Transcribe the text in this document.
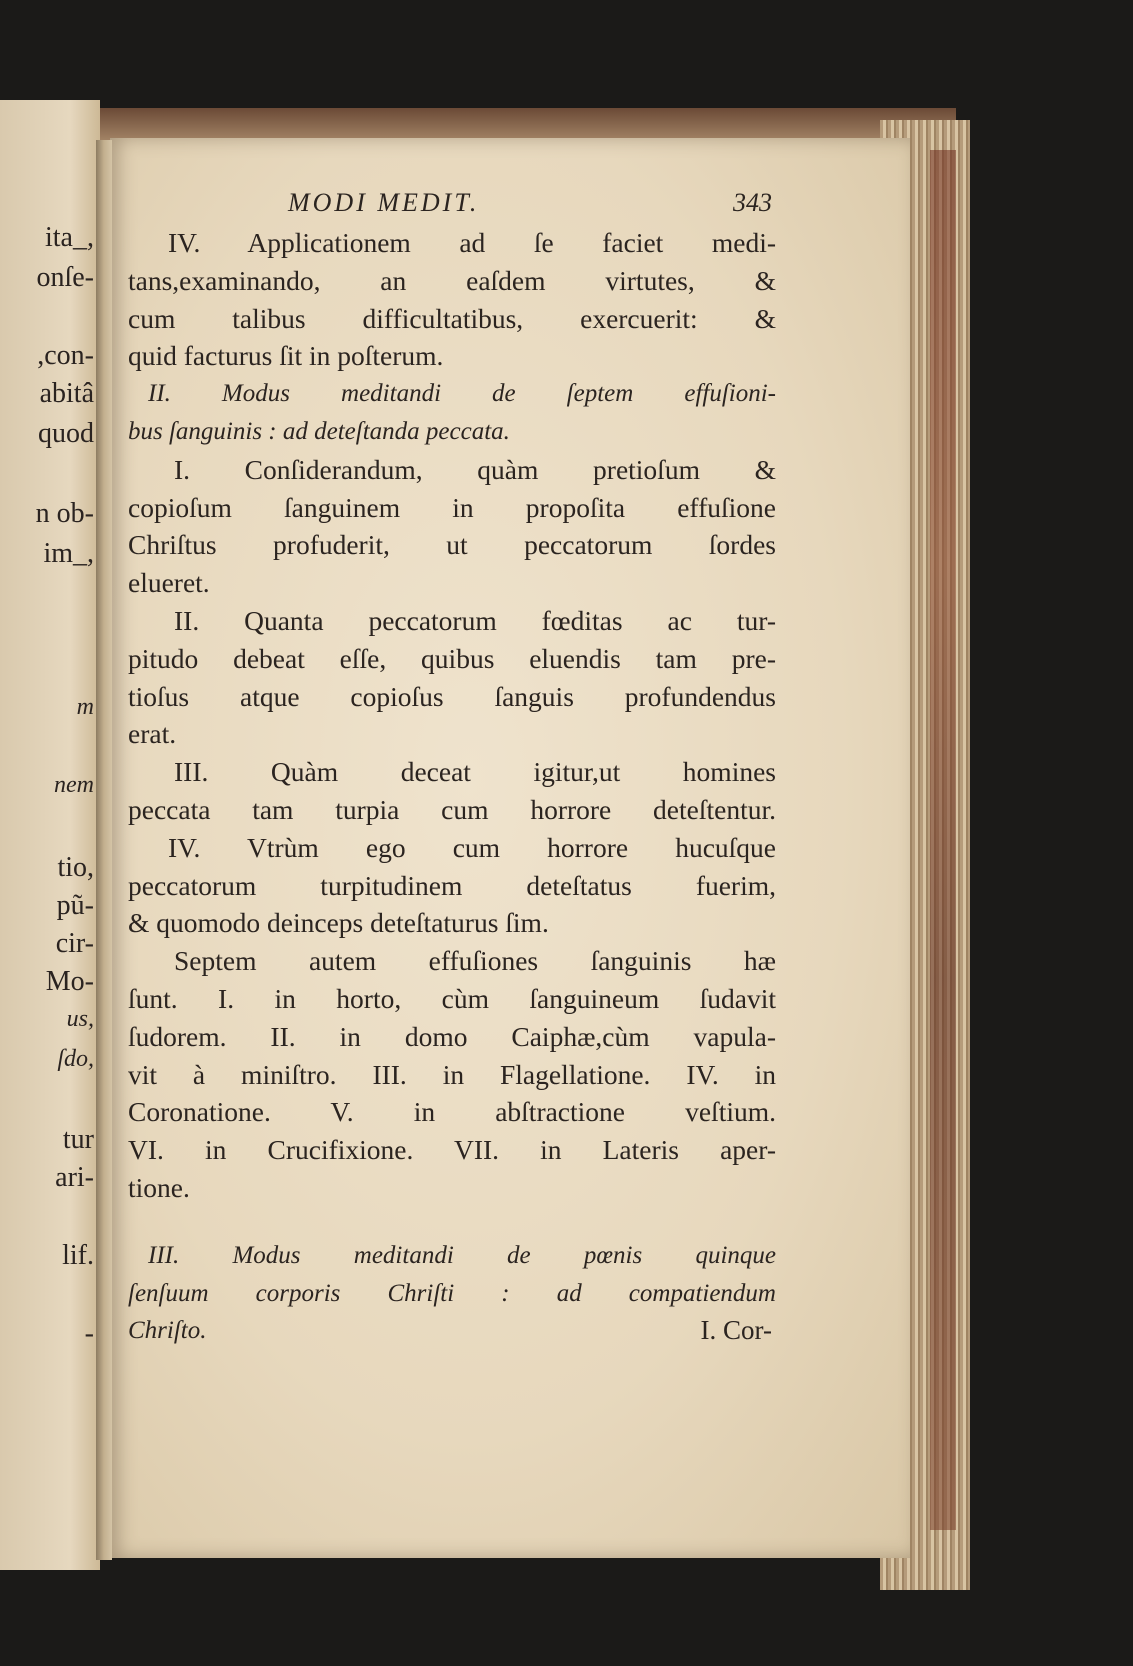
ita_,
onſe-
,con-
abitâ
quod
n ob-
im_,
m
nem
tio,
pũ-
cir-
Mo-
us,
ſdo,
tur
ari-
lif.
-
MODI MEDIT.	343
IV. Applicationem ad ſe faciet medi-
tans,examinando, an eaſdem virtutes, &
cum talibus difficultatibus, exercuerit: &
quid facturus ſit in poſterum.
II. Modus meditandi de ſeptem effuſioni-
bus ſanguinis : ad deteſtanda peccata.
I. Conſiderandum, quàm pretioſum &
copioſum ſanguinem in propoſita effuſione
Chriſtus profuderit, ut peccatorum ſordes
elueret.
II. Quanta peccatorum fœditas ac tur-
pitudo debeat eſſe, quibus eluendis tam pre-
tioſus atque copioſus ſanguis profundendus
erat.
III. Quàm deceat igitur,ut homines
peccata tam turpia cum horrore deteſtentur.
IV. Vtrùm ego cum horrore hucuſque
peccatorum turpitudinem deteſtatus fuerim,
& quomodo deinceps deteſtaturus ſim.
Septem autem effuſiones ſanguinis hæ
ſunt. I. in horto, cùm ſanguineum ſudavit
ſudorem. II. in domo Caiphæ,cùm vapula-
vit à miniſtro. III. in Flagellatione. IV. in
Coronatione. V. in abſtractione veſtium.
VI. in Crucifixione. VII. in Lateris aper-
tione.
III. Modus meditandi de pœnis quinque
ſenſuum corporis Chriſti : ad compatiendum
Chriſto.	I. Cor-
